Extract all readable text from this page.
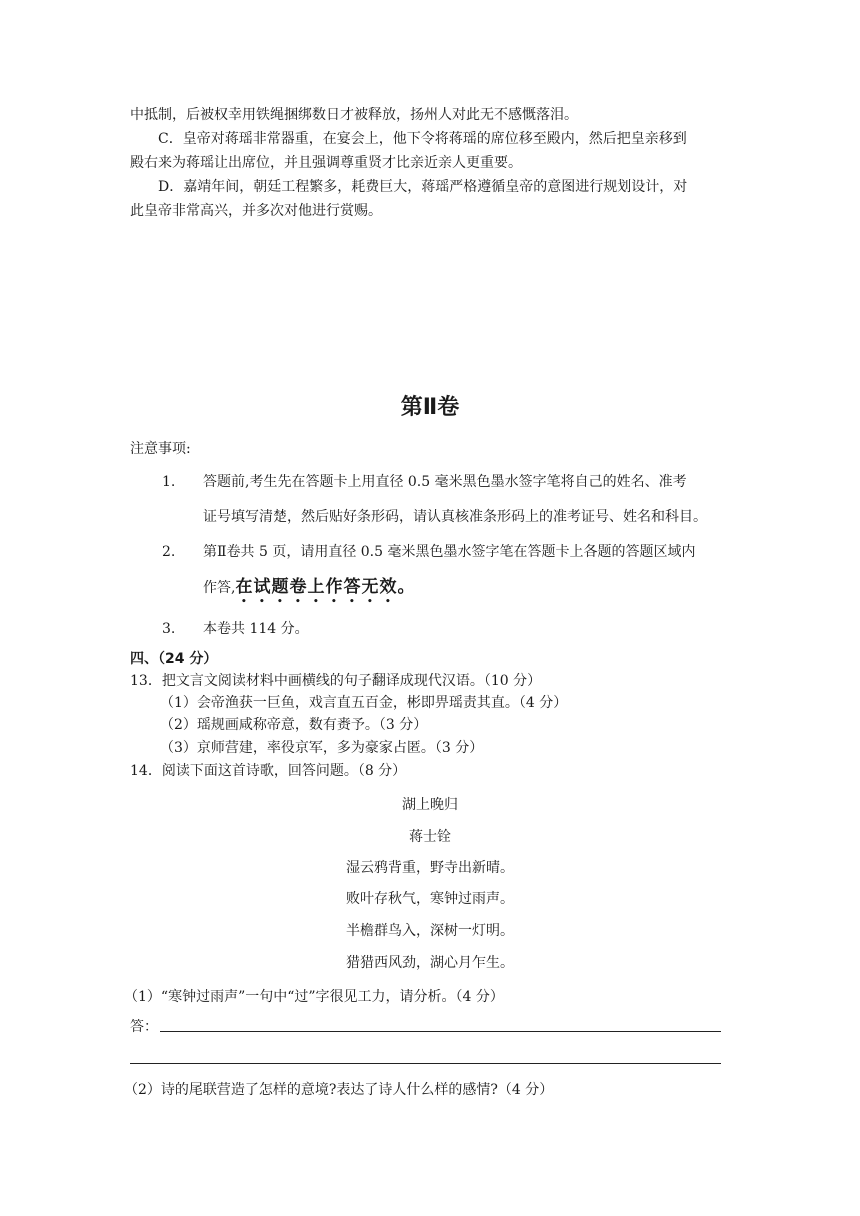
中抵制，后被权幸用铁绳捆绑数日才被释放，扬州人对此无不感慨落泪。
C．皇帝对蒋瑶非常器重，在宴会上，他下令将蒋瑶的席位移至殿内，然后把皇亲移到
殿右来为蒋瑶让出席位，并且强调尊重贤才比亲近亲人更重要。
D．嘉靖年间，朝廷工程繁多，耗费巨大，蒋瑶严格遵循皇帝的意图进行规划设计，对
此皇帝非常高兴，并多次对他进行赏赐。
第Ⅱ卷
注意事项:
1. 答题前,考生先在答题卡上用直径 0.5 毫米黑色墨水签字笔将自己的姓名、准考
证号填写清楚，然后贴好条形码，请认真核准条形码上的准考证号、姓名和科目。
2. 第Ⅱ卷共 5 页，请用直径 0.5 毫米黑色墨水签字笔在答题卡上各题的答题区域内
作答,在试题卷上作答无效。
3. 本卷共 114 分。
四、（24 分）
13．把文言文阅读材料中画横线的句子翻译成现代汉语。（10 分）
（1）会帝渔获一巨鱼，戏言直五百金，彬即畀瑶责其直。（4 分）
（2）瑶规画咸称帝意，数有赉予。（3 分）
（3）京师营建，率役京军，多为豪家占匿。（3 分）
14．阅读下面这首诗歌，回答问题。（8 分）
湖上晚归
蒋士铨
湿云鸦背重，野寺出新晴。
败叶存秋气，寒钟过雨声。
半檐群鸟入，深树一灯明。
猎猎西风劲，湖心月乍生。
（1）“寒钟过雨声”一句中“过”字很见工力，请分析。（4 分）
答：
（2）诗的尾联营造了怎样的意境?表达了诗人什么样的感情?（4 分）
